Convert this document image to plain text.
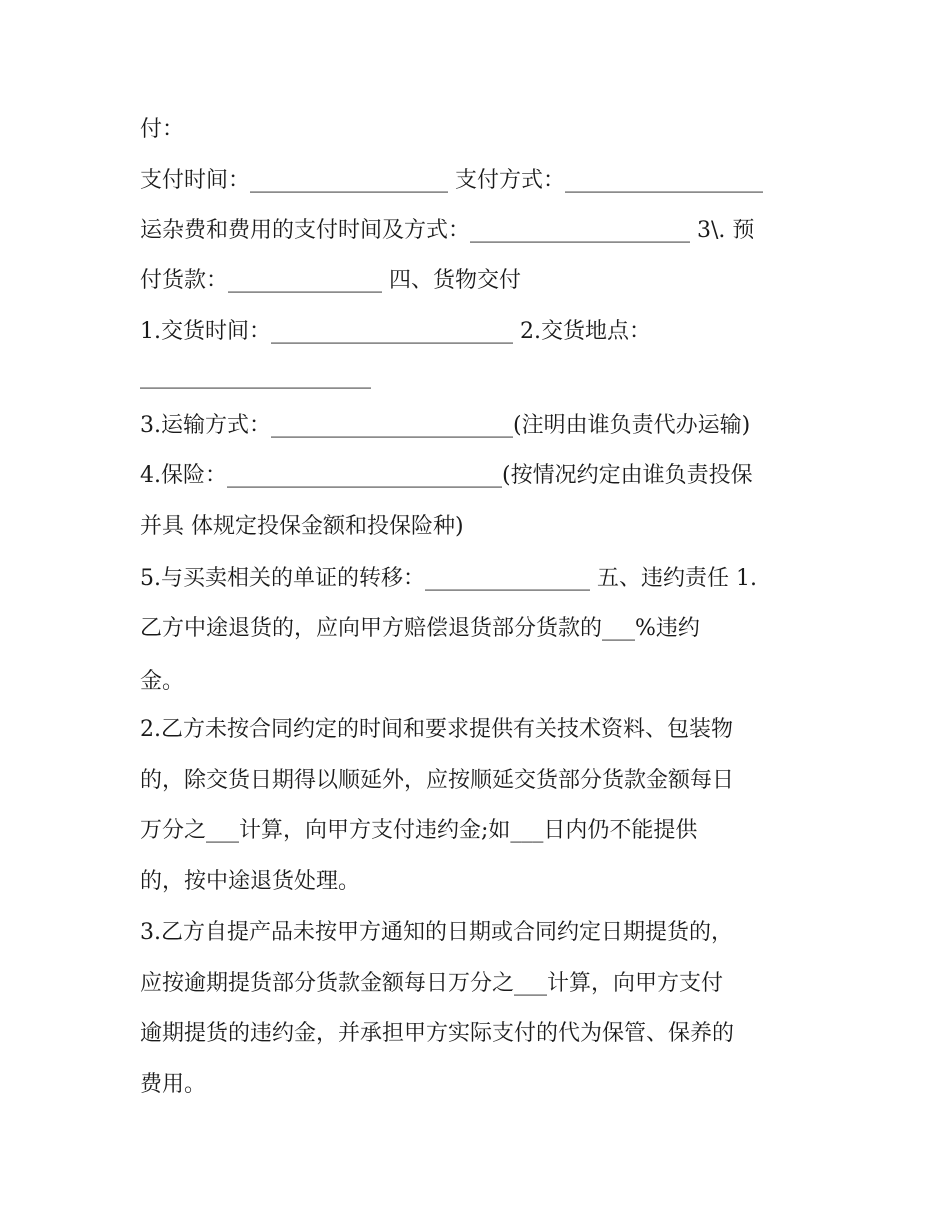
付：
支付时间：__________________ 支付方式：__________________
运杂费和费用的支付时间及方式：____________________ 3\. 预
付货款：______________ 四、货物交付
1.交货时间：______________________ 2.交货地点：
_____________________
3.运输方式：______________________(注明由谁负责代办运输)
4.保险：_________________________(按情况约定由谁负责投保
并具 体规定投保金额和投保险种)
5.与买卖相关的单证的转移：_______________ 五、违约责任 1.
乙方中途退货的，应向甲方赔偿退货部分货款的___%违约
金。
2.乙方未按合同约定的时间和要求提供有关技术资料、包装物
的，除交货日期得以顺延外，应按顺延交货部分货款金额每日
万分之___计算，向甲方支付违约金;如___日内仍不能提供
的，按中途退货处理。
3.乙方自提产品未按甲方通知的日期或合同约定日期提货的，
应按逾期提货部分货款金额每日万分之___计算，向甲方支付
逾期提货的违约金，并承担甲方实际支付的代为保管、保养的
费用。
